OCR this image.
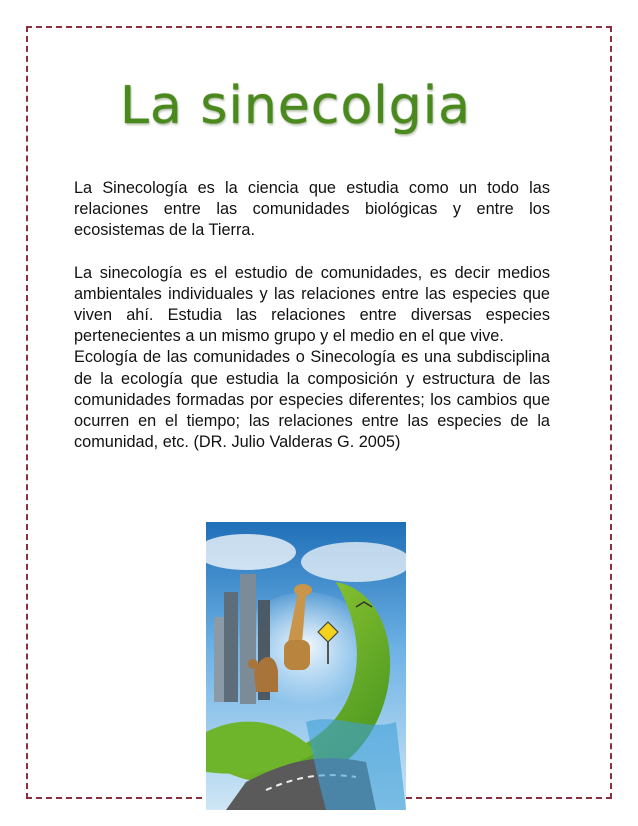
La sinecolgia

La Sinecología es la ciencia que estudia como un todo las relaciones entre las comunidades biológicas y entre los ecosistemas de la Tierra.

La sinecología es el estudio de comunidades, es decir medios ambientales individuales y las relaciones entre las especies que viven ahí. Estudia las relaciones entre diversas especies pertenecientes a un mismo grupo y el medio en el que vive.

Ecología de las comunidades o Sinecología es una subdisciplina de la ecología que estudia la composición y estructura de las comunidades formadas por especies diferentes; los cambios que ocurren en el tiempo; las relaciones entre las especies de la comunidad, etc. (DR. Julio Valderas G. 2005)
